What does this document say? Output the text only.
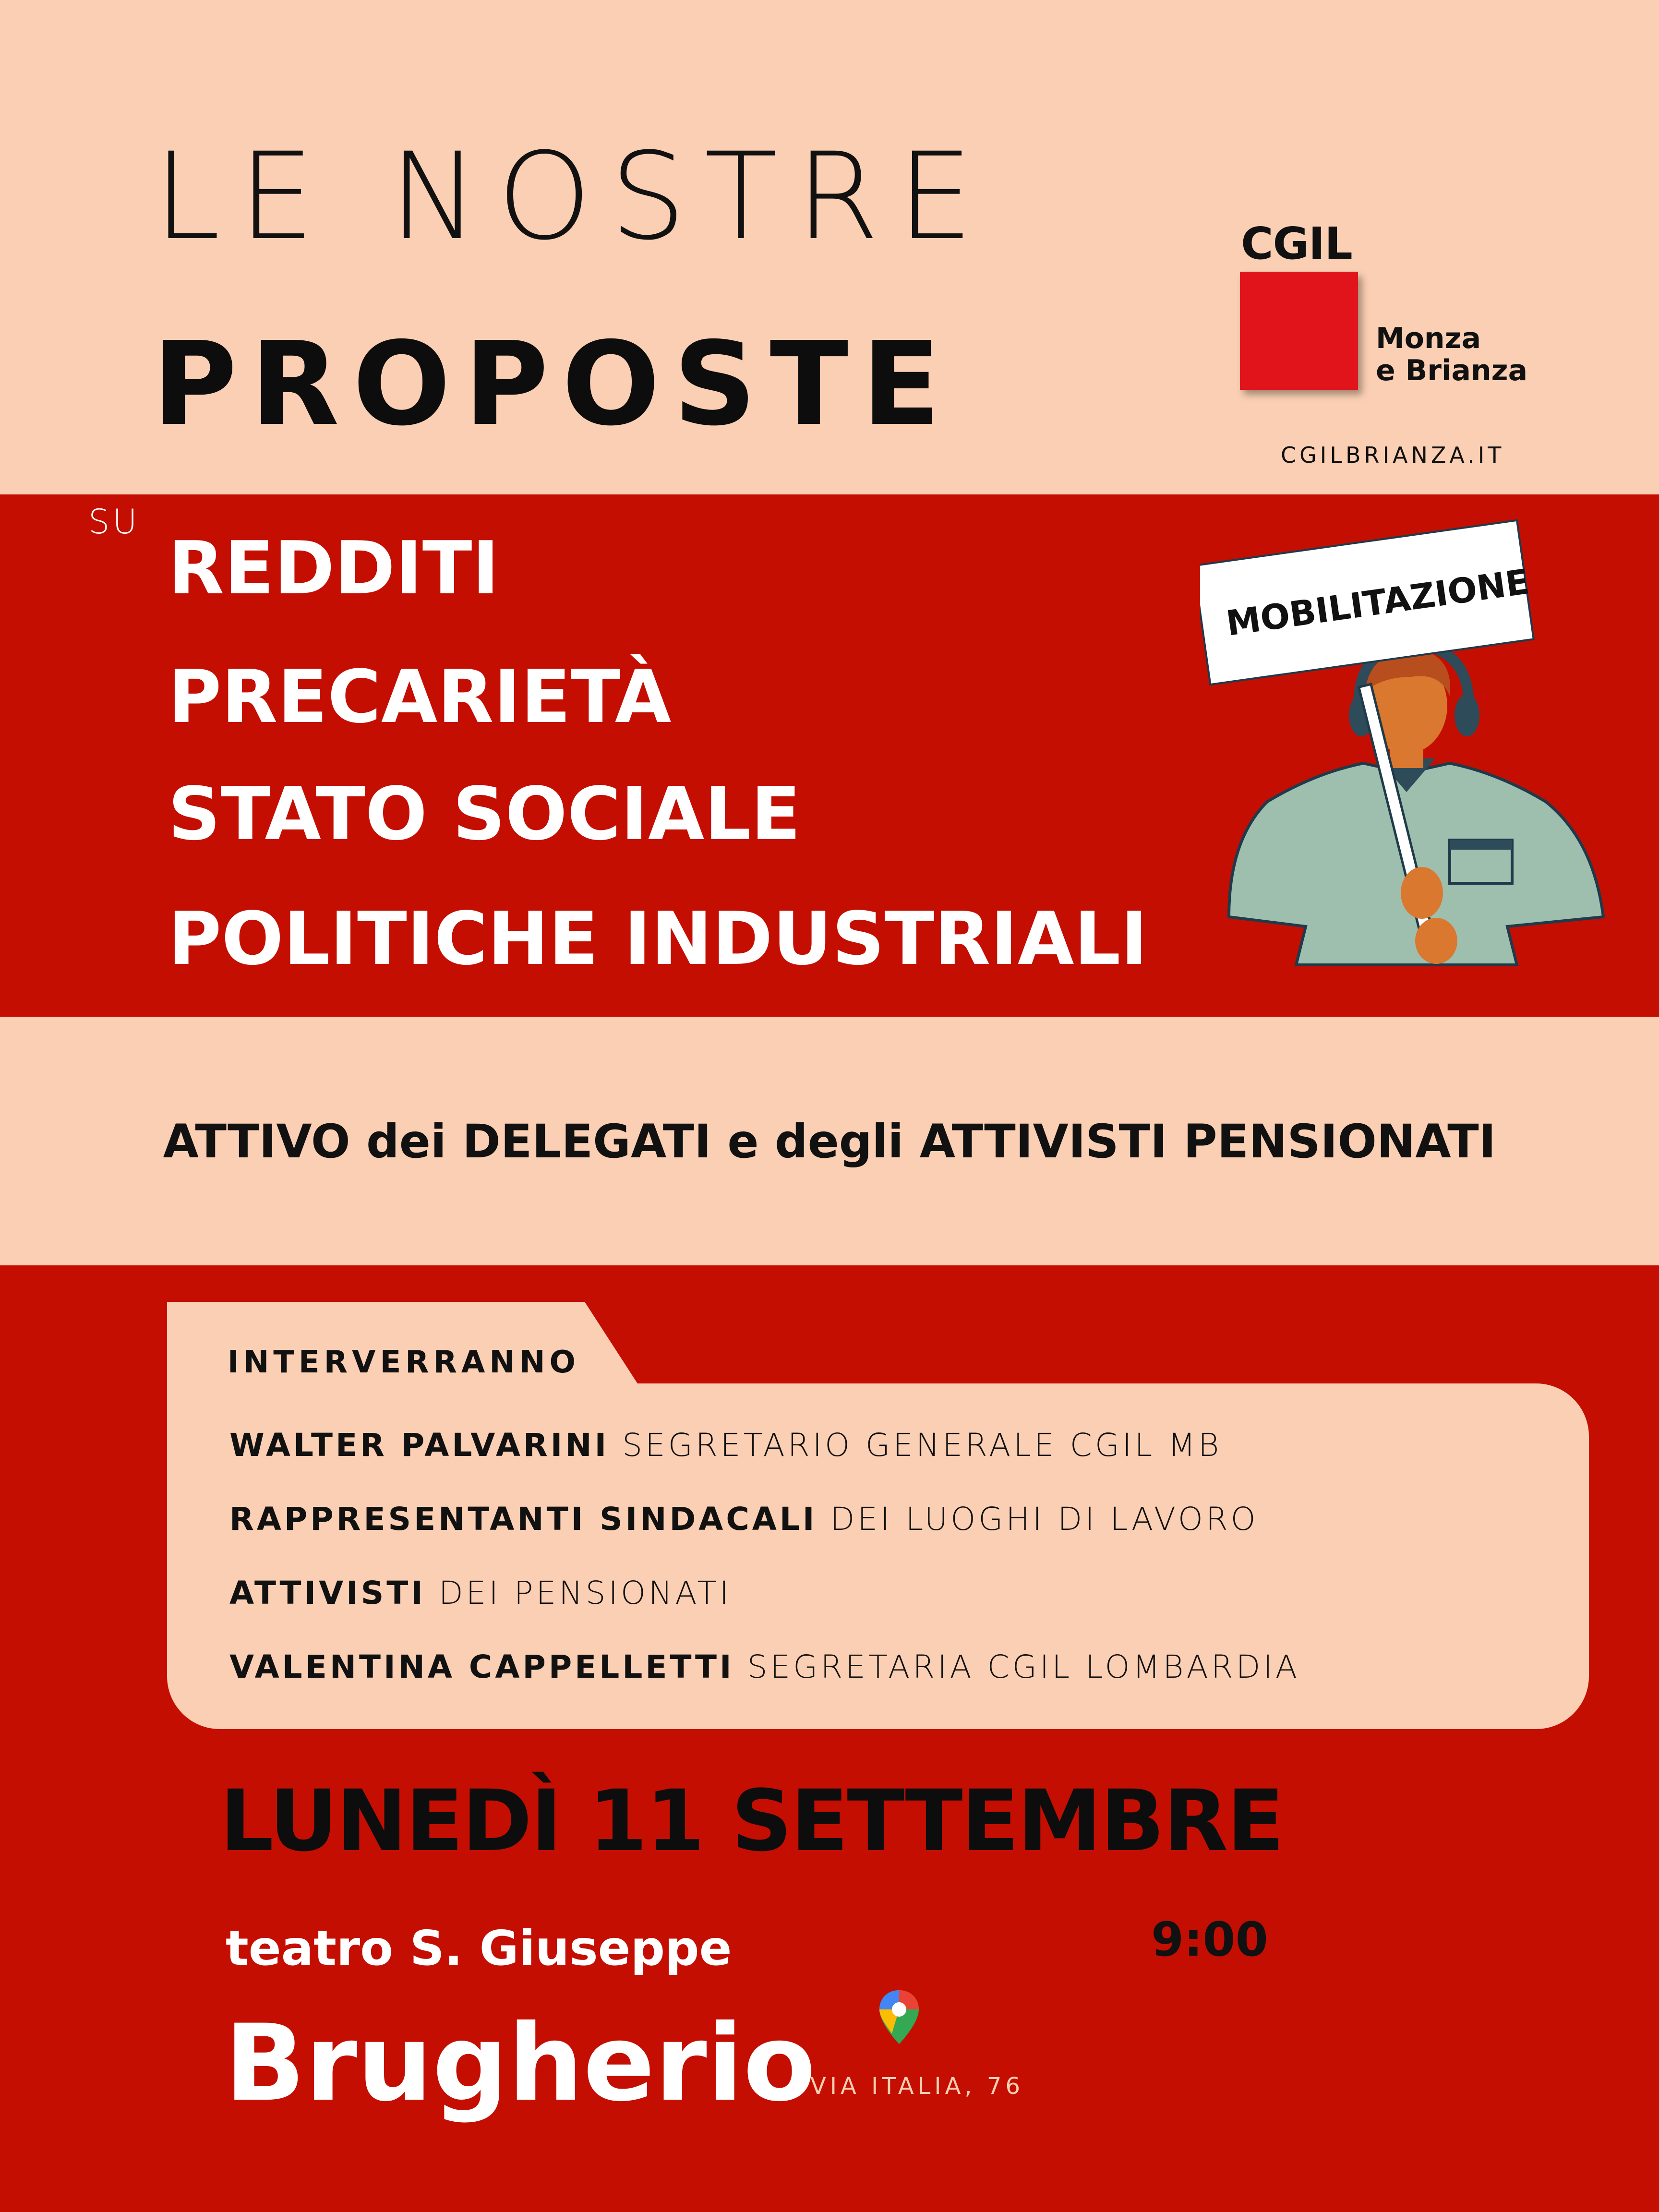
LE NOSTRE
PROPOSTE
CGIL
Monza
e Brianza
CGILBRIANZA.IT
SU
REDDITI
PRECARIETÀ
STATO SOCIALE
POLITICHE INDUSTRIALI
MOBILITAZIONE
ATTIVO dei DELEGATI e degli ATTIVISTI PENSIONATI
INTERVERRANNO
WALTER PALVARINI SEGRETARIO GENERALE CGIL MB
RAPPRESENTANTI SINDACALI DEI LUOGHI DI LAVORO
ATTIVISTI DEI PENSIONATI
VALENTINA CAPPELLETTI SEGRETARIA CGIL LOMBARDIA
LUNEDÌ 11 SETTEMBRE
9:00
teatro S. Giuseppe
Brugherio
VIA ITALIA, 76
